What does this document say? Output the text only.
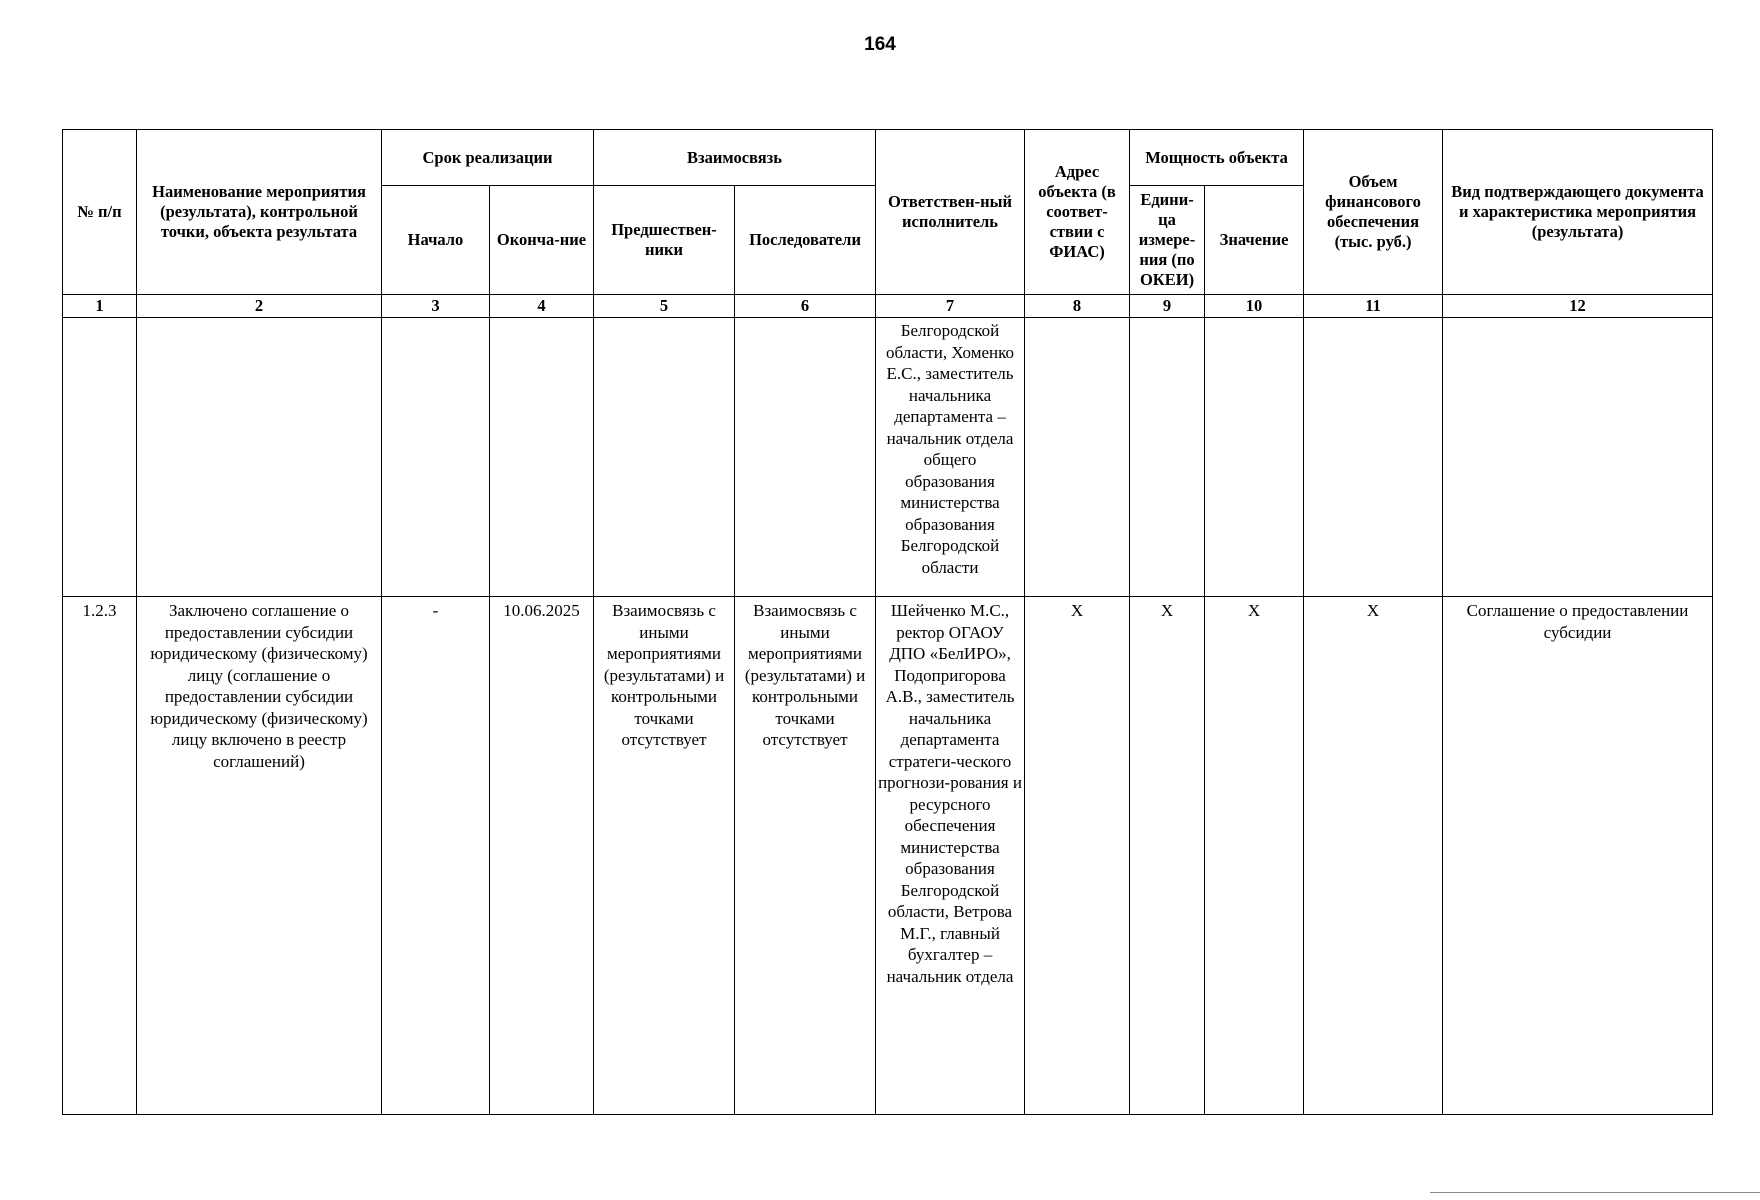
164
№ п/п	Наименование мероприятия (результата), контрольной точки, объекта результата	Срок реализации		Взаимосвязь		Ответствен-ный исполнитель	Адрес объекта (в соответ-ствии с ФИАС)	Мощность объекта		Объем финансового обеспечения (тыс. руб.)	Вид подтверждающего документа и характеристика мероприятия (результата)
		Начало	Оконча-ние	Предшествен-ники	Последователи			Едини-ца измере-ния (по ОКЕИ)	Значение		
1	2	3	4	5	6	7	8	9	10	11	12
						Белгородской области, Хоменко Е.С., заместитель начальника департамента – начальник отдела общего образования министерства образования Белгородской области					
1.2.3	Заключено соглашение о предоставлении субсидии юридическому (физическому) лицу (соглашение о предоставлении субсидии юридическому (физическому) лицу включено в реестр соглашений)	-	10.06.2025	Взаимосвязь с иными мероприятиями (результатами) и контрольными точками отсутствует	Взаимосвязь с иными мероприятиями (результатами) и контрольными точками отсутствует	Шейченко М.С., ректор ОГАОУ ДПО «БелИРО», Подопригорова А.В., заместитель начальника департамента стратеги-ческого прогнози-рования и ресурсного обеспечения министерства образования Белгородской области, Ветрова М.Г., главный бухгалтер – начальник отдела	Х	Х	Х	Х	Соглашение о предоставлении субсидии
